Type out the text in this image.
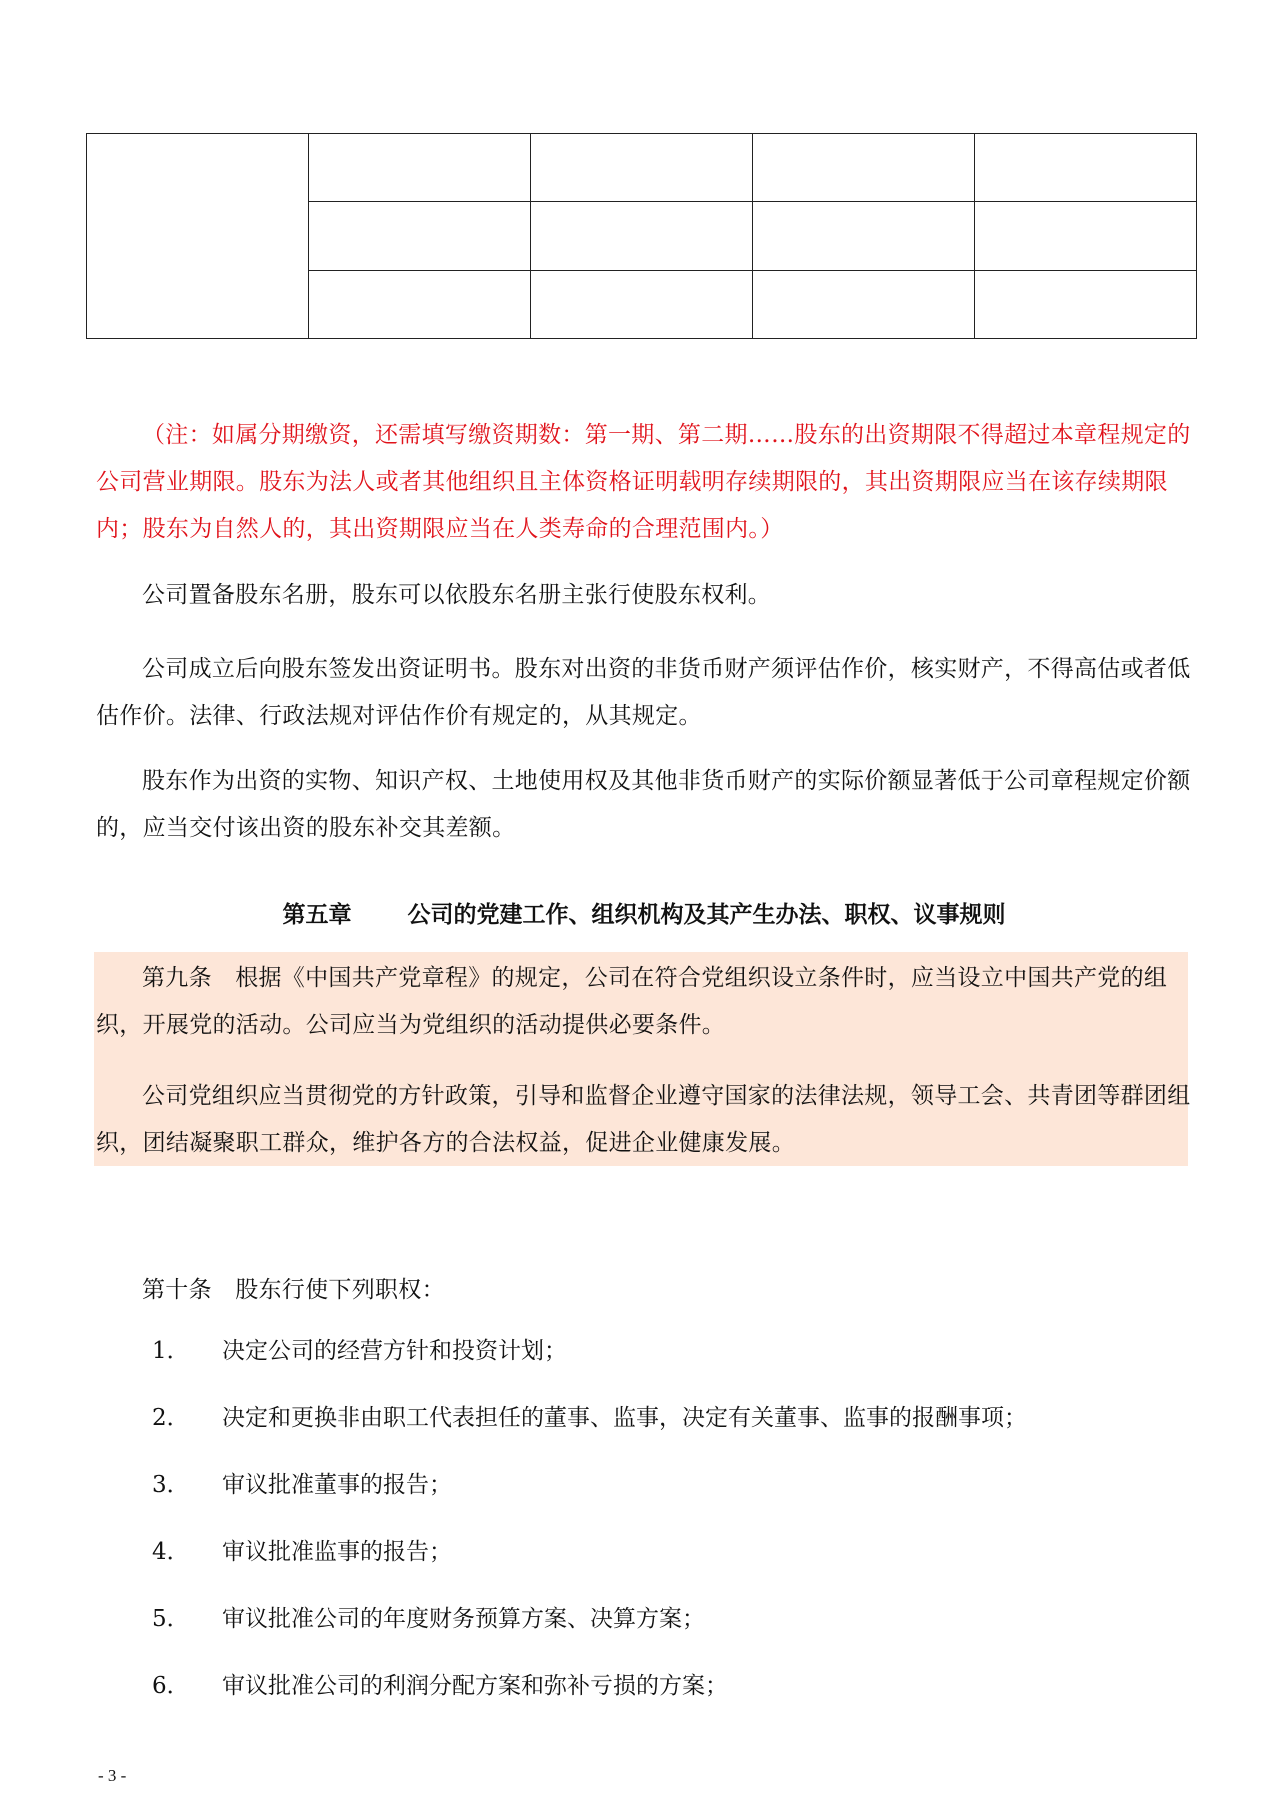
（注：如属分期缴资，还需填写缴资期数：第一期、第二期……股东的出资期限不得超过本章程规定的公司营业期限。股东为法人或者其他组织且主体资格证明载明存续期限的，其出资期限应当在该存续期限内；股东为自然人的，其出资期限应当在人类寿命的合理范围内。）

公司置备股东名册，股东可以依股东名册主张行使股东权利。

公司成立后向股东签发出资证明书。股东对出资的非货币财产须评估作价，核实财产，不得高估或者低估作价。法律、行政法规对评估作价有规定的，从其规定。

股东作为出资的实物、知识产权、土地使用权及其他非货币财产的实际价额显著低于公司章程规定价额的，应当交付该出资的股东补交其差额。

第五章 公司的党建工作、组织机构及其产生办法、职权、议事规则

第九条　根据《中国共产党章程》的规定，公司在符合党组织设立条件时，应当设立中国共产党的组织，开展党的活动。公司应当为党组织的活动提供必要条件。

公司党组织应当贯彻党的方针政策，引导和监督企业遵守国家的法律法规，领导工会、共青团等群团组织，团结凝聚职工群众，维护各方的合法权益，促进企业健康发展。

第十条　股东行使下列职权：

1．	决定公司的经营方针和投资计划；
2．	决定和更换非由职工代表担任的董事、监事，决定有关董事、监事的报酬事项；
3．	审议批准董事的报告；
4．	审议批准监事的报告；
5．	审议批准公司的年度财务预算方案、决算方案；
6．	审议批准公司的利润分配方案和弥补亏损的方案；
- 3 -
